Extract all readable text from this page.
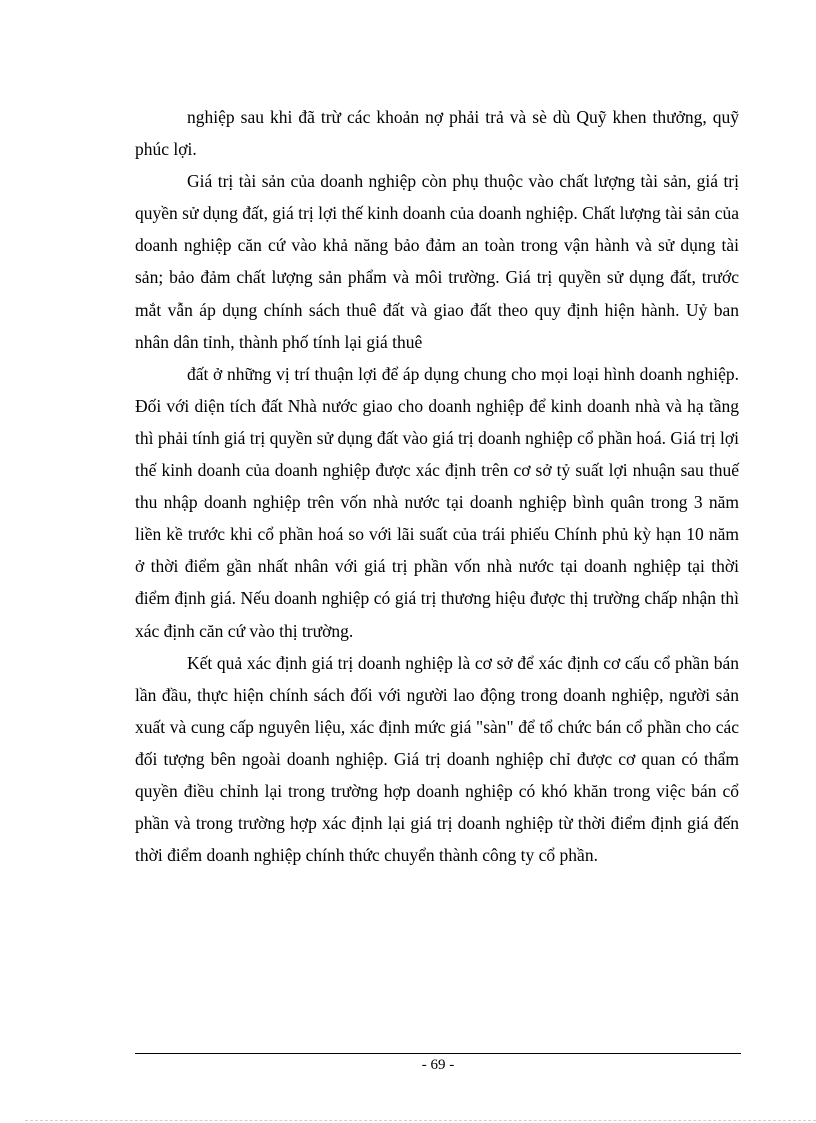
nghiệp sau khi đã trừ các khoản nợ phải trả và sè dù Quỹ khen thưởng, quỹ phúc lợi.

Giá trị tài sản của doanh nghiệp còn phụ thuộc vào chất lượng tài sản, giá trị quyền sử dụng đất, giá trị lợi thế kinh doanh của doanh nghiệp. Chất lượng tài sản của doanh nghiệp căn cứ vào khả năng bảo đảm an toàn trong vận hành và sử dụng tài sản; bảo đảm chất lượng sản phẩm và môi trường. Giá trị quyền sử dụng đất, trước mắt vẫn áp dụng chính sách thuê đất và giao đất theo quy định hiện hành. Uỷ ban nhân dân tỉnh, thành phố tính lại giá thuê

đất ở những vị trí thuận lợi để áp dụng chung cho mọi loại hình doanh nghiệp. Đối với diện tích đất Nhà nước giao cho doanh nghiệp để kinh doanh nhà và hạ tầng thì phải tính giá trị quyền sử dụng đất vào giá trị doanh nghiệp cổ phần hoá. Giá trị lợi thế kinh doanh của doanh nghiệp được xác định trên cơ sở tỷ suất lợi nhuận sau thuế thu nhập doanh nghiệp trên vốn nhà nước tại doanh nghiệp bình quân trong 3 năm liền kề trước khi cổ phần hoá so với lãi suất của trái phiếu Chính phủ kỳ hạn 10 năm ở thời điểm gần nhất nhân với giá trị phần vốn nhà nước tại doanh nghiệp tại thời điểm định giá. Nếu doanh nghiệp có giá trị thương hiệu được thị trường chấp nhận thì xác định căn cứ vào thị trường.

Kết quả xác định giá trị doanh nghiệp là cơ sở để xác định cơ cấu cổ phần bán lần đầu, thực hiện chính sách đối với người lao động trong doanh nghiệp, người sản xuất và cung cấp nguyên liệu, xác định mức giá "sàn" để tổ chức bán cổ phần cho các đối tượng bên ngoài doanh nghiệp. Giá trị doanh nghiệp chỉ được cơ quan có thẩm quyền điều chỉnh lại trong trường hợp doanh nghiệp có khó khăn trong việc bán cổ phần và trong trường hợp xác định lại giá trị doanh nghiệp từ thời điểm định giá đến thời điểm doanh nghiệp chính thức chuyển thành công ty cổ phần.

- 69 -
